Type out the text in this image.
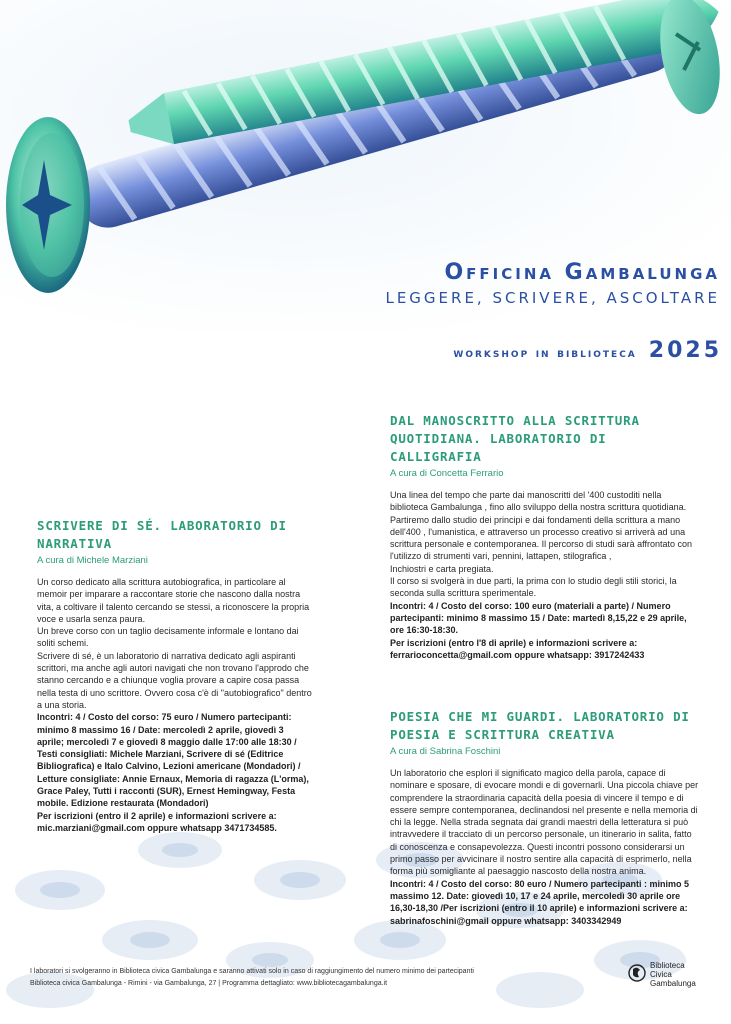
Officina Gambalunga

LEGGERE, SCRIVERE, ASCOLTARE

workshop in biblioteca 2025
SCRIVERE DI SÉ. LABORATORIO DI NARRATIVA
A cura di Michele Marziani

Un corso dedicato alla scrittura autobiografica, in particolare al memoir per imparare a raccontare storie che nascono dalla nostra vita, a coltivare il talento cercando se stessi, a riconoscere la propria voce e usarla senza paura.

Un breve corso con un taglio decisamente informale e lontano dai soliti schemi.

Scrivere di sé, è un laboratorio di narrativa dedicato agli aspiranti scrittori, ma anche agli autori navigati che non trovano l'approdo che stanno cercando e a chiunque voglia provare a capire cosa passa nella testa di uno scrittore. Ovvero cosa c'è di "autobiografico" dentro a una storia.

Incontri: 4 / Costo del corso: 75 euro / Numero partecipanti: minimo 8 massimo 16 / Date: mercoledì 2 aprile, giovedì 3 aprile; mercoledì 7 e giovedì 8 maggio dalle 17:00 alle 18:30 / Testi consigliati: Michele Marziani, Scrivere di sé (Editrice Bibliografica) e Italo Calvino, Lezioni americane (Mondadori) / Letture consigliate: Annie Ernaux, Memoria di ragazza (L'orma), Grace Paley, Tutti i racconti (SUR), Ernest Hemingway, Festa mobile. Edizione restaurata (Mondadori)

Per iscrizioni (entro il 2 aprile) e informazioni scrivere a: mic.marziani@gmail.com oppure whatsapp 3471734585.

DAL MANOSCRITTO ALLA SCRITTURA QUOTIDIANA. LABORATORIO DI CALLIGRAFIA
A cura di Concetta Ferrario

Una linea del tempo che parte dai manoscritti del '400 custoditi nella biblioteca Gambalunga , fino allo sviluppo della nostra scrittura quotidiana.

Partiremo dallo studio dei principi e dai fondamenti della scrittura a mano dell'400 , l'umanistica, e attraverso un processo creativo si arriverà ad una scrittura personale e contemporanea. Il percorso di studi sarà affrontato con l'utilizzo di strumenti vari, pennini, lattapen, stilografica ,

Inchiostri e carta pregiata.

Il corso si svolgerà in due parti, la prima con lo studio degli stili storici, la seconda sulla scrittura sperimentale.

Incontri: 4 / Costo del corso: 100 euro (materiali a parte) / Numero partecipanti: minimo 8 massimo 15 / Date: martedì 8,15,22 e 29 aprile, ore 16:30-18:30.

Per iscrizioni (entro l'8 di aprile) e informazioni scrivere a: ferrarioconcetta@gmail.com oppure whatsapp: 3917242433

POESIA CHE MI GUARDI. LABORATORIO DI POESIA E SCRITTURA CREATIVA
A cura di Sabrina Foschini

Un laboratorio che esplori il significato magico della parola, capace di nominare e sposare, di evocare mondi e di governarli. Una piccola chiave per comprendere la straordinaria capacità della poesia di vincere il tempo e di essere sempre contemporanea, declinandosi nel presente e nella memoria di chi la legge. Nella strada segnata dai grandi maestri della letteratura si può intravvedere il tracciato di un percorso personale, un itinerario in salita, fatto di conoscenza e consapevolezza. Questi incontri possono considerarsi un primo passo per avvicinare il nostro sentire alla capacità di esprimerlo, nella forma più somigliante al paesaggio nascosto della nostra anima.

Incontri: 4 / Costo del corso: 80 euro / Numero partecipanti : minimo 5 massimo 12. Date: giovedì 10, 17 e 24 aprile, mercoledì 30 aprile ore 16,30-18,30 /Per iscrizioni (entro il 10 aprile) e informazioni scrivere a: sabrinafoschini@gmail oppure whatsapp: 3403342949

I laboratori si svolgeranno in Biblioteca civica Gambalunga e saranno attivati solo in caso di raggiungimento del numero minimo dei partecipanti

Biblioteca civica Gambalunga - Rimini - via Gambalunga, 27 | Programma dettagliato: www.bibliotecagambalunga.it

Biblioteca
Civica
Gambalunga
